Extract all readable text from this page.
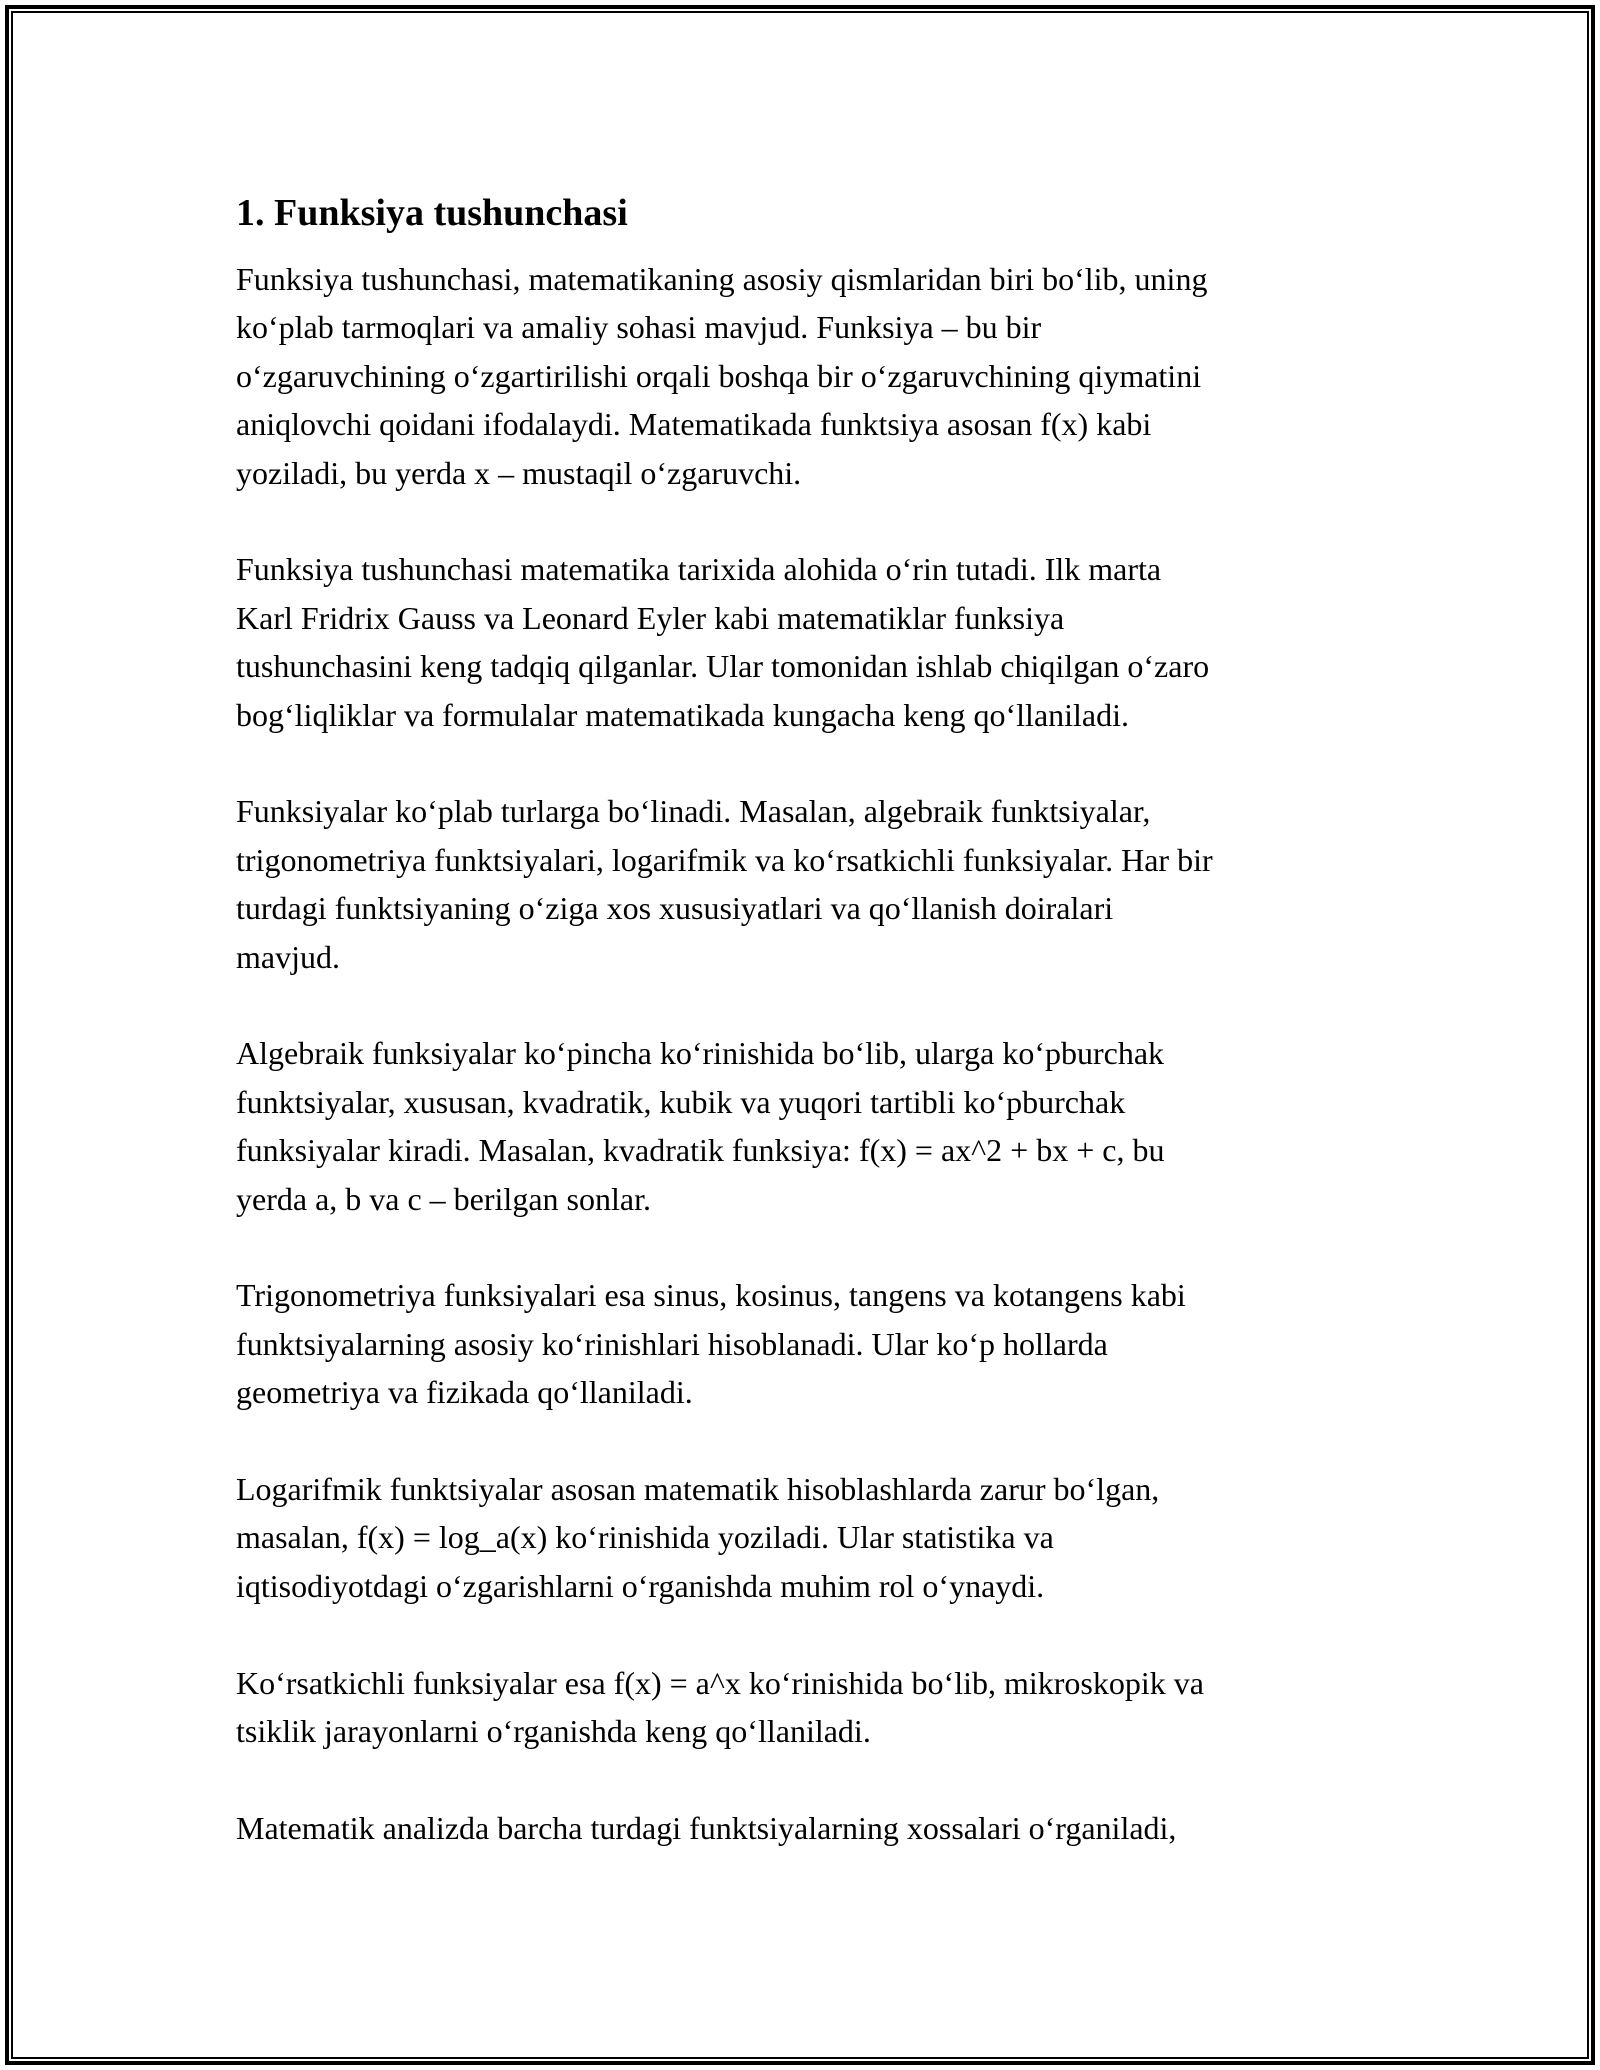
1. Funksiya tushunchasi
Funksiya tushunchasi, matematikaning asosiy qismlaridan biri bo‘lib, uning
ko‘plab tarmoqlari va amaliy sohasi mavjud. Funksiya – bu bir
o‘zgaruvchining o‘zgartirilishi orqali boshqa bir o‘zgaruvchining qiymatini
aniqlovchi qoidani ifodalaydi. Matematikada funktsiya asosan f(x) kabi
yoziladi, bu yerda x – mustaqil o‘zgaruvchi.
Funksiya tushunchasi matematika tarixida alohida o‘rin tutadi. Ilk marta
Karl Fridrix Gauss va Leonard Eyler kabi matematiklar funksiya
tushunchasini keng tadqiq qilganlar. Ular tomonidan ishlab chiqilgan o‘zaro
bog‘liqliklar va formulalar matematikada kungacha keng qo‘llaniladi.
Funksiyalar ko‘plab turlarga bo‘linadi. Masalan, algebraik funktsiyalar,
trigonometriya funktsiyalari, logarifmik va ko‘rsatkichli funksiyalar. Har bir
turdagi funktsiyaning o‘ziga xos xususiyatlari va qo‘llanish doiralari
mavjud.
Algebraik funksiyalar ko‘pincha ko‘rinishida bo‘lib, ularga ko‘pburchak
funktsiyalar, xususan, kvadratik, kubik va yuqori tartibli ko‘pburchak
funksiyalar kiradi. Masalan, kvadratik funksiya: f(x) = ax^2 + bx + c, bu
yerda a, b va c – berilgan sonlar.
Trigonometriya funksiyalari esa sinus, kosinus, tangens va kotangens kabi
funktsiyalarning asosiy ko‘rinishlari hisoblanadi. Ular ko‘p hollarda
geometriya va fizikada qo‘llaniladi.
Logarifmik funktsiyalar asosan matematik hisoblashlarda zarur bo‘lgan,
masalan, f(x) = log_a(x) ko‘rinishida yoziladi. Ular statistika va
iqtisodiyotdagi o‘zgarishlarni o‘rganishda muhim rol o‘ynaydi.
Ko‘rsatkichli funksiyalar esa f(x) = a^x ko‘rinishida bo‘lib, mikroskopik va
tsiklik jarayonlarni o‘rganishda keng qo‘llaniladi.
Matematik analizda barcha turdagi funktsiyalarning xossalari o‘rganiladi,
